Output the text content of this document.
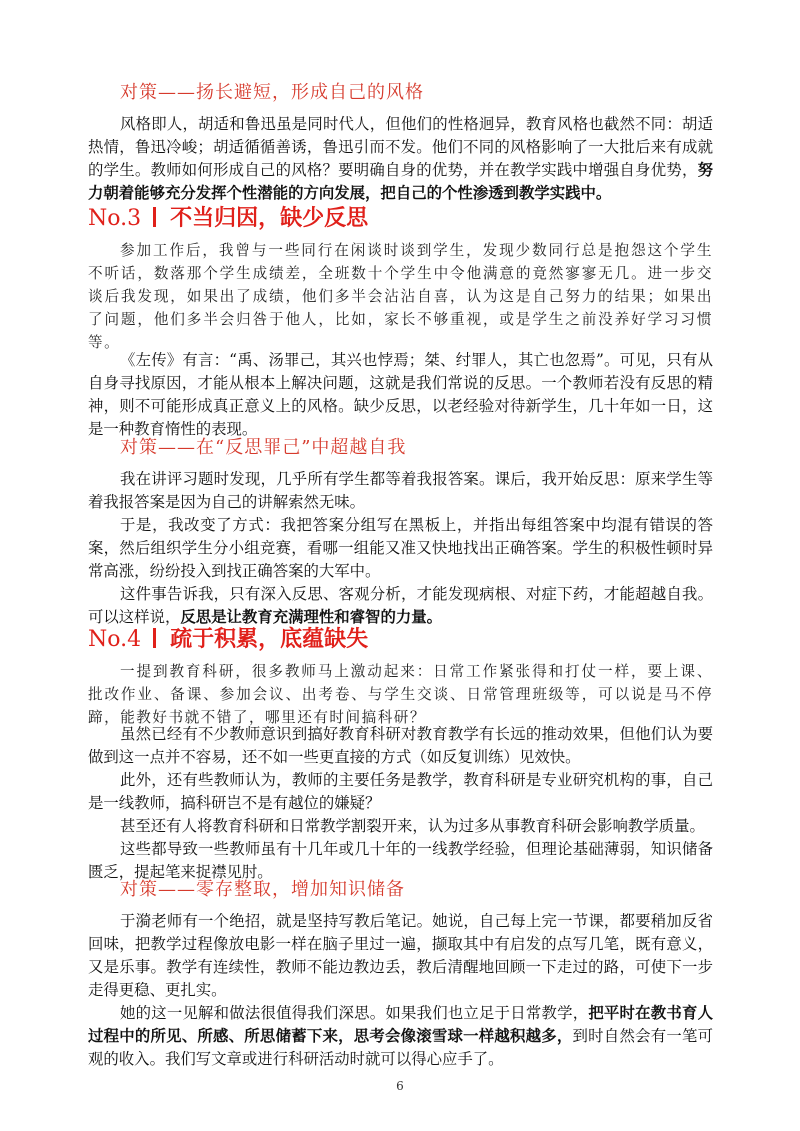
对策——扬长避短，形成自己的风格

风格即人，胡适和鲁迅虽是同时代人，但他们的性格迥异，教育风格也截然不同：胡适热情，鲁迅冷峻；胡适循循善诱，鲁迅引而不发。他们不同的风格影响了一大批后来有成就的学生。教师如何形成自己的风格？要明确自身的优势，并在教学实践中增强自身优势，努力朝着能够充分发挥个性潜能的方向发展，把自己的个性渗透到教学实践中。

No.3 不当归因，缺少反思

参加工作后，我曾与一些同行在闲谈时谈到学生，发现少数同行总是抱怨这个学生不听话，数落那个学生成绩差，全班数十个学生中令他满意的竟然寥寥无几。进一步交谈后我发现，如果出了成绩，他们多半会沾沾自喜，认为这是自己努力的结果；如果出了问题，他们多半会归咎于他人，比如，家长不够重视，或是学生之前没养好学习习惯等。

《左传》有言：“禹、汤罪己，其兴也悖焉；桀、纣罪人，其亡也忽焉”。可见，只有从自身寻找原因，才能从根本上解决问题，这就是我们常说的反思。一个教师若没有反思的精神，则不可能形成真正意义上的风格。缺少反思，以老经验对待新学生，几十年如一日，这是一种教育惰性的表现。

对策——在“反思罪己”中超越自我

我在讲评习题时发现，几乎所有学生都等着我报答案。课后，我开始反思：原来学生等着我报答案是因为自己的讲解索然无味。

于是，我改变了方式：我把答案分组写在黑板上，并指出每组答案中均混有错误的答案，然后组织学生分小组竞赛，看哪一组能又准又快地找出正确答案。学生的积极性顿时异常高涨，纷纷投入到找正确答案的大军中。

这件事告诉我，只有深入反思、客观分析，才能发现病根、对症下药，才能超越自我。可以这样说，反思是让教育充满理性和睿智的力量。

No.4 疏于积累，底蕴缺失

一提到教育科研，很多教师马上激动起来：日常工作紧张得和打仗一样，要上课、批改作业、备课、参加会议、出考卷、与学生交谈、日常管理班级等，可以说是马不停蹄，能教好书就不错了，哪里还有时间搞科研？

虽然已经有不少教师意识到搞好教育科研对教育教学有长远的推动效果，但他们认为要做到这一点并不容易，还不如一些更直接的方式（如反复训练）见效快。

此外，还有些教师认为，教师的主要任务是教学，教育科研是专业研究机构的事，自己是一线教师，搞科研岂不是有越位的嫌疑？

甚至还有人将教育科研和日常教学割裂开来，认为过多从事教育科研会影响教学质量。

这些都导致一些教师虽有十几年或几十年的一线教学经验，但理论基础薄弱，知识储备匮乏，提起笔来捉襟见肘。

对策——零存整取，增加知识储备

于漪老师有一个绝招，就是坚持写教后笔记。她说，自己每上完一节课，都要稍加反省回味，把教学过程像放电影一样在脑子里过一遍，撷取其中有启发的点写几笔，既有意义，又是乐事。教学有连续性，教师不能边教边丢，教后清醒地回顾一下走过的路，可使下一步走得更稳、更扎实。

她的这一见解和做法很值得我们深思。如果我们也立足于日常教学，把平时在教书育人过程中的所见、所感、所思储蓄下来，思考会像滚雪球一样越积越多，到时自然会有一笔可观的收入。我们写文章或进行科研活动时就可以得心应手了。

6
